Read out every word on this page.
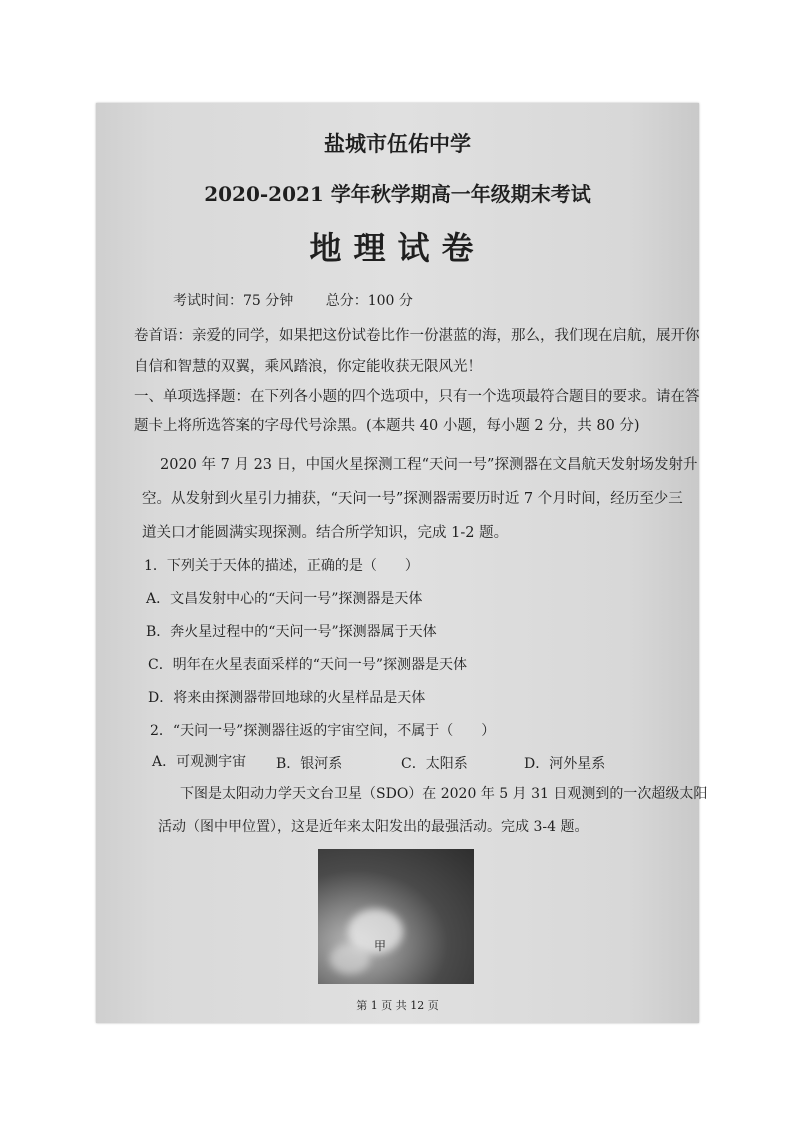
盐城市伍佑中学
2020-2021 学年秋学期高一年级期末考试
地理试卷
考试时间：75 分钟 总分：100 分
卷首语：亲爱的同学，如果把这份试卷比作一份湛蓝的海，那么，我们现在启航，展开你
自信和智慧的双翼，乘风踏浪，你定能收获无限风光！
一、单项选择题：在下列各小题的四个选项中，只有一个选项最符合题目的要求。请在答
题卡上将所选答案的字母代号涂黑。(本题共 40 小题，每小题 2 分，共 80 分)
2020 年 7 月 23 日，中国火星探测工程“天问一号”探测器在文昌航天发射场发射升
空。从发射到火星引力捕获，“天问一号”探测器需要历时近 7 个月时间，经历至少三
道关口才能圆满实现探测。结合所学知识，完成 1-2 题。
1．下列关于天体的描述，正确的是（　　）
A．文昌发射中心的“天问一号”探测器是天体
B．奔火星过程中的“天问一号”探测器属于天体
C．明年在火星表面采样的“天问一号”探测器是天体
D．将来由探测器带回地球的火星样品是天体
2．“天问一号”探测器往返的宇宙空间，不属于（　　）
A．可观测宇宙 B．银河系	C．太阳系	D．河外星系
下图是太阳动力学天文台卫星（SDO）在 2020 年 5 月 31 日观测到的一次超级太阳
活动（图中甲位置），这是近年来太阳发出的最强活动。完成 3-4 题。
甲
第 1 页 共 12 页
